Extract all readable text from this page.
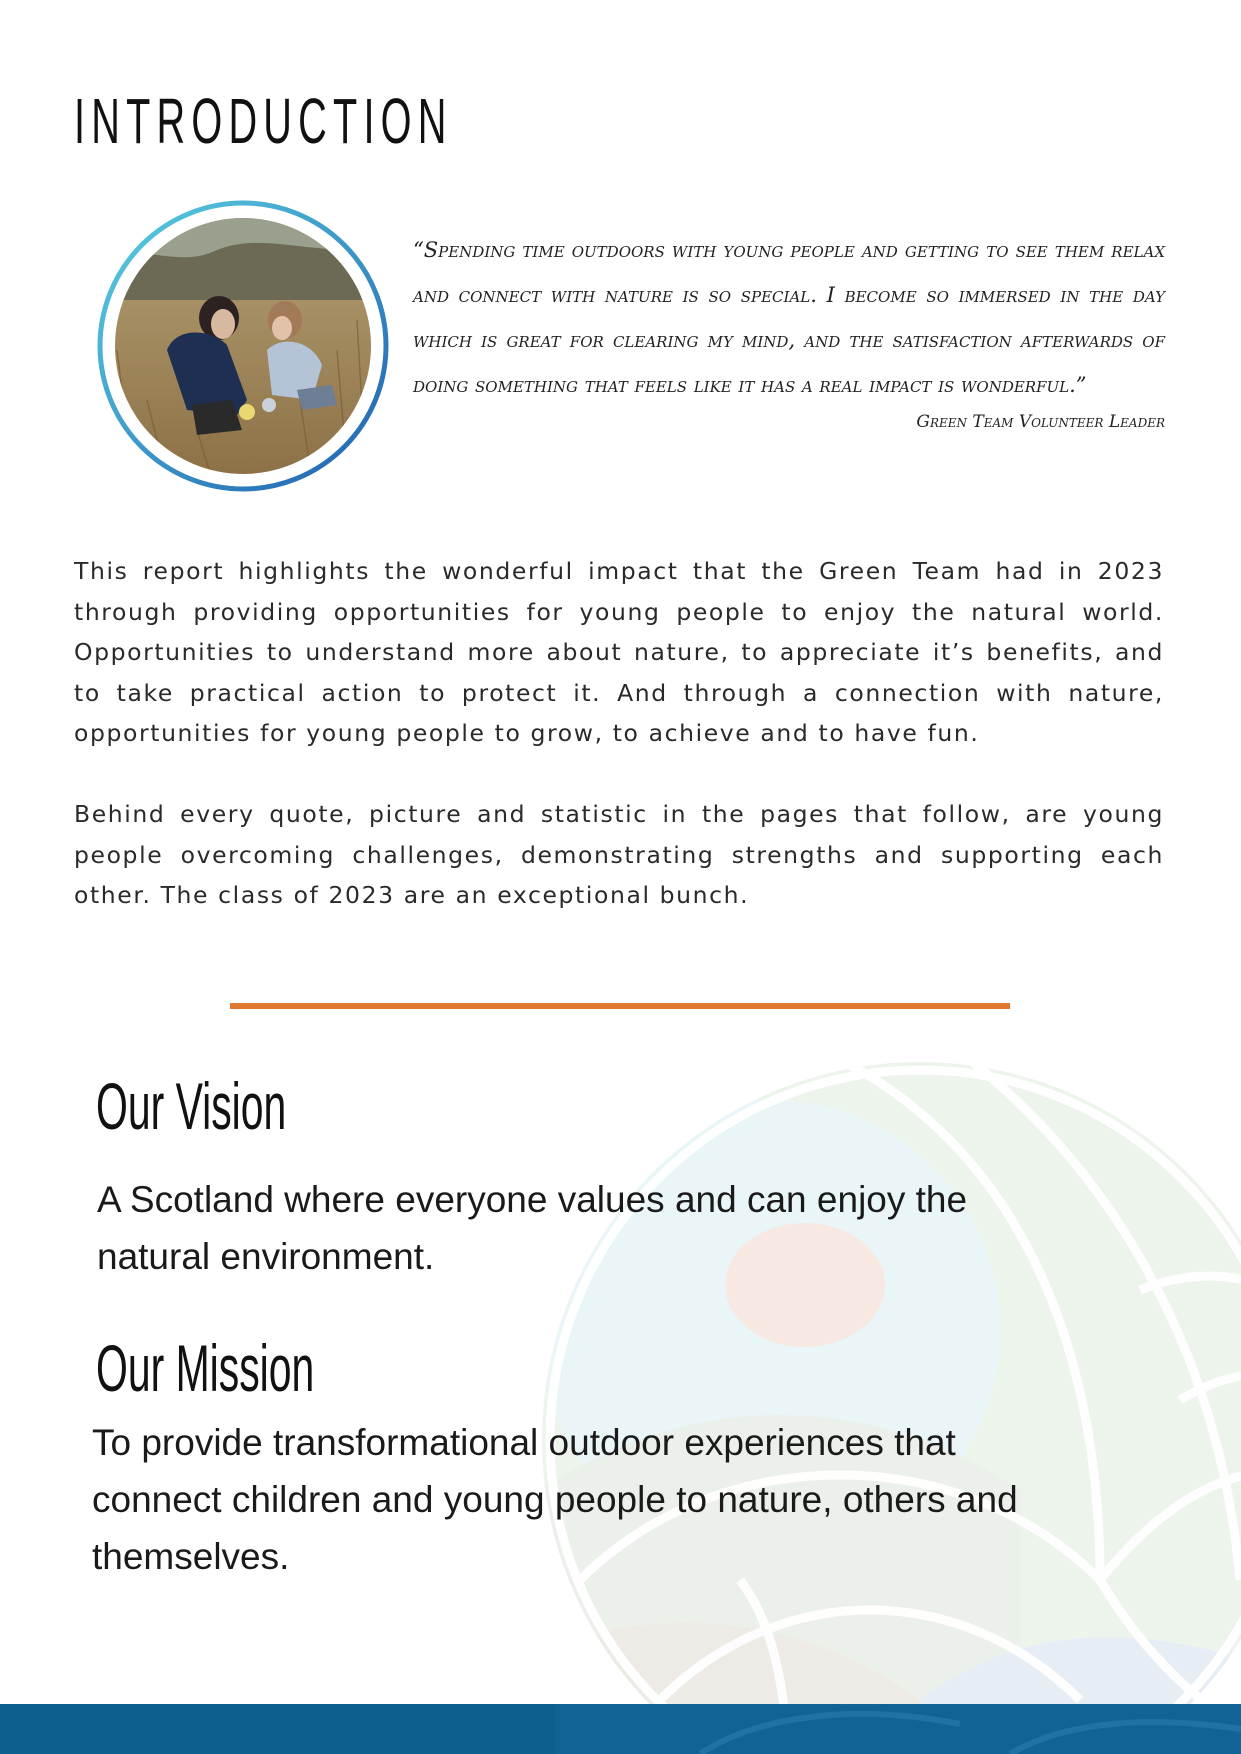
INTRODUCTION

“Spending time outdoors with young people and getting to see them relax and connect with nature is so special. I become so immersed in the day which is great for clearing my mind, and the satisfaction afterwards of doing something that feels like it has a real impact is wonderful.”

Green Team Volunteer Leader

This report highlights the wonderful impact that the Green Team had in 2023 through providing opportunities for young people to enjoy the natural world. Opportunities to understand more about nature, to appreciate it’s benefits, and to take practical action to protect it. And through a connection with nature, opportunities for young people to grow, to achieve and to have fun.

Behind every quote, picture and statistic in the pages that follow, are young people overcoming challenges, demonstrating strengths and supporting each other. The class of 2023 are an exceptional bunch.

Our Vision

A Scotland where everyone values and can enjoy the natural environment.

Our Mission

To provide transformational outdoor experiences that connect children and young people to nature, others and themselves.
